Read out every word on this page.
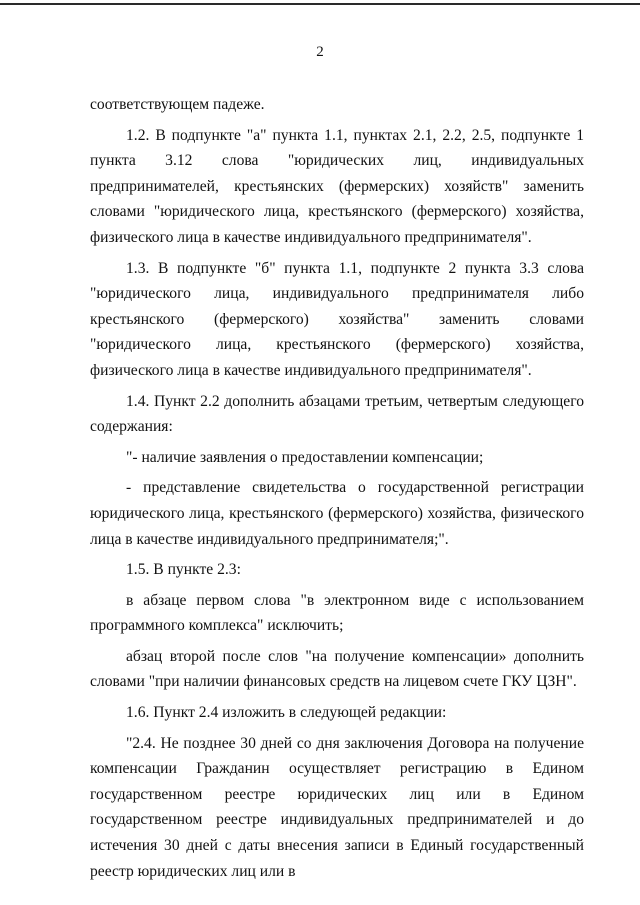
2

соответствующем падеже.

1.2. В подпункте "а" пункта 1.1, пунктах 2.1, 2.2, 2.5, подпункте 1 пункта 3.12 слова "юридических лиц, индивидуальных предпринимателей, крестьянских (фермерских) хозяйств" заменить словами "юридического лица, крестьянского (фермерского) хозяйства, физического лица в качестве индивидуального предпринимателя".

1.3. В подпункте "б" пункта 1.1, подпункте 2 пункта 3.3 слова "юридического лица, индивидуального предпринимателя либо крестьянского (фермерского) хозяйства" заменить словами "юридического лица, крестьянского (фермерского) хозяйства, физического лица в качестве индивидуального предпринимателя".

1.4. Пункт 2.2 дополнить абзацами третьим, четвертым следующего содержания:

"- наличие заявления о предоставлении компенсации;

- представление свидетельства о государственной регистрации юридического лица, крестьянского (фермерского) хозяйства, физического лица в качестве индивидуального предпринимателя;".

1.5. В пункте 2.3:

в абзаце первом слова "в электронном виде с использованием программного комплекса" исключить;

абзац второй после слов "на получение компенсации» дополнить словами "при наличии финансовых средств на лицевом счете ГКУ ЦЗН".

1.6. Пункт 2.4 изложить в следующей редакции:

"2.4. Не позднее 30 дней со дня заключения Договора на получение компенсации Гражданин осуществляет регистрацию в Едином государственном реестре юридических лиц или в Едином государственном реестре индивидуальных предпринимателей и до истечения 30 дней с даты внесения записи в Единый государственный реестр юридических лиц или в
